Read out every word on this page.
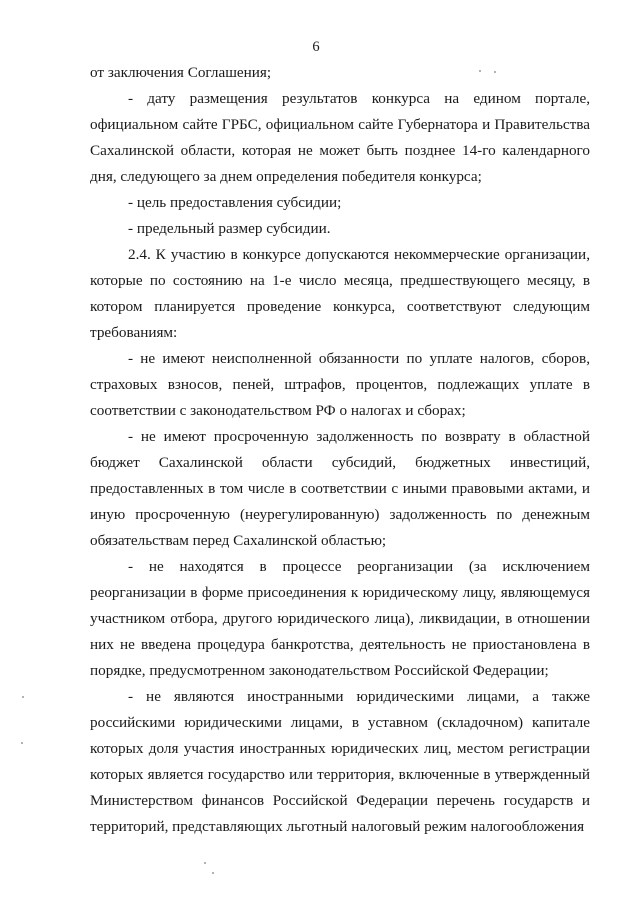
6

от заключения Соглашения;

- дату размещения результатов конкурса на едином портале, официальном сайте ГРБС, официальном сайте Губернатора и Правительства Сахалинской области, которая не может быть позднее 14-го календарного дня, следующего за днем определения победителя конкурса;

- цель предоставления субсидии;

- предельный размер субсидии.

2.4. К участию в конкурсе допускаются некоммерческие организации, которые по состоянию на 1-е число месяца, предшествующего месяцу, в котором планируется проведение конкурса, соответствуют следующим требованиям:

- не имеют неисполненной обязанности по уплате налогов, сборов, страховых взносов, пеней, штрафов, процентов, подлежащих уплате в соответствии с законодательством РФ о налогах и сборах;

- не имеют просроченную задолженность по возврату в областной бюджет Сахалинской области субсидий, бюджетных инвестиций, предоставленных в том числе в соответствии с иными правовыми актами, и иную просроченную (неурегулированную) задолженность по денежным обязательствам перед Сахалинской областью;

- не находятся в процессе реорганизации (за исключением реорганизации в форме присоединения к юридическому лицу, являющемуся участником отбора, другого юридического лица), ликвидации, в отношении них не введена процедура банкротства, деятельность не приостановлена в порядке, предусмотренном законодательством Российской Федерации;

- не являются иностранными юридическими лицами, а также российскими юридическими лицами, в уставном (складочном) капитале которых доля участия иностранных юридических лиц, местом регистрации которых является государство или территория, включенные в утвержденный Министерством финансов Российской Федерации перечень государств и территорий, представляющих льготный налоговый режим налогообложения
